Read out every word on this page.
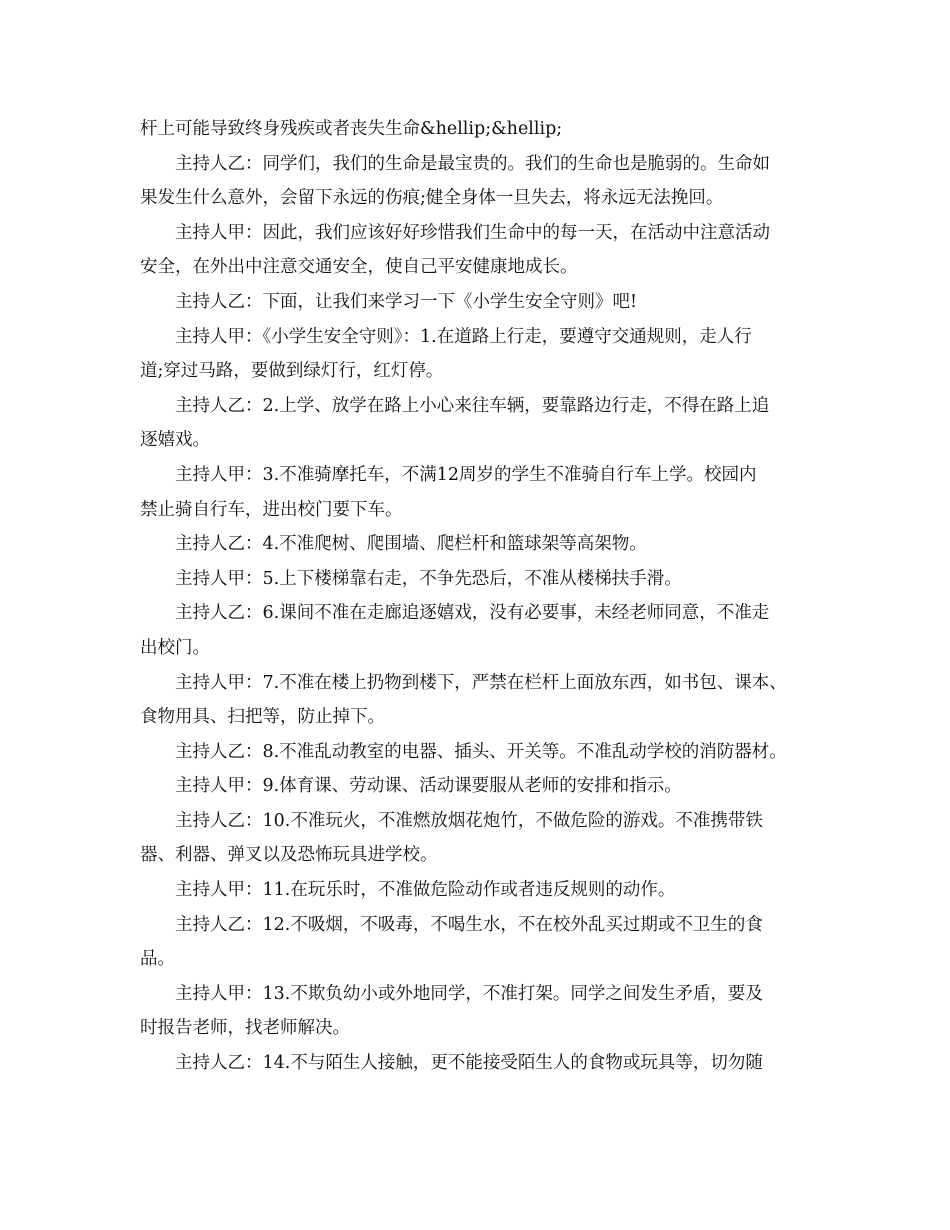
杆上可能导致终身残疾或者丧失生命&hellip;&hellip;
主持人乙：同学们，我们的生命是最宝贵的。我们的生命也是脆弱的。生命如
果发生什么意外，会留下永远的伤痕;健全身体一旦失去，将永远无法挽回。
主持人甲：因此，我们应该好好珍惜我们生命中的每一天，在活动中注意活动
安全，在外出中注意交通安全，使自己平安健康地成长。
主持人乙：下面，让我们来学习一下《小学生安全守则》吧!
主持人甲：《小学生安全守则》：1.在道路上行走，要遵守交通规则，走人行
道;穿过马路，要做到绿灯行，红灯停。
主持人乙：2.上学、放学在路上小心来往车辆，要靠路边行走，不得在路上追
逐嬉戏。
主持人甲：3.不准骑摩托车，不满12周岁的学生不准骑自行车上学。校园内
禁止骑自行车，进出校门要下车。
主持人乙：4.不准爬树、爬围墙、爬栏杆和篮球架等高架物。
主持人甲：5.上下楼梯靠右走，不争先恐后，不准从楼梯扶手滑。
主持人乙：6.课间不准在走廊追逐嬉戏，没有必要事，未经老师同意，不准走
出校门。
主持人甲：7.不准在楼上扔物到楼下，严禁在栏杆上面放东西，如书包、课本、
食物用具、扫把等，防止掉下。
主持人乙：8.不准乱动教室的电器、插头、开关等。不准乱动学校的消防器材。
主持人甲：9.体育课、劳动课、活动课要服从老师的安排和指示。
主持人乙：10.不准玩火，不准燃放烟花炮竹，不做危险的游戏。不准携带铁
器、利器、弹叉以及恐怖玩具进学校。
主持人甲：11.在玩乐时，不准做危险动作或者违反规则的动作。
主持人乙：12.不吸烟，不吸毒，不喝生水，不在校外乱买过期或不卫生的食
品。
主持人甲：13.不欺负幼小或外地同学，不准打架。同学之间发生矛盾，要及
时报告老师，找老师解决。
主持人乙：14.不与陌生人接触，更不能接受陌生人的食物或玩具等，切勿随
